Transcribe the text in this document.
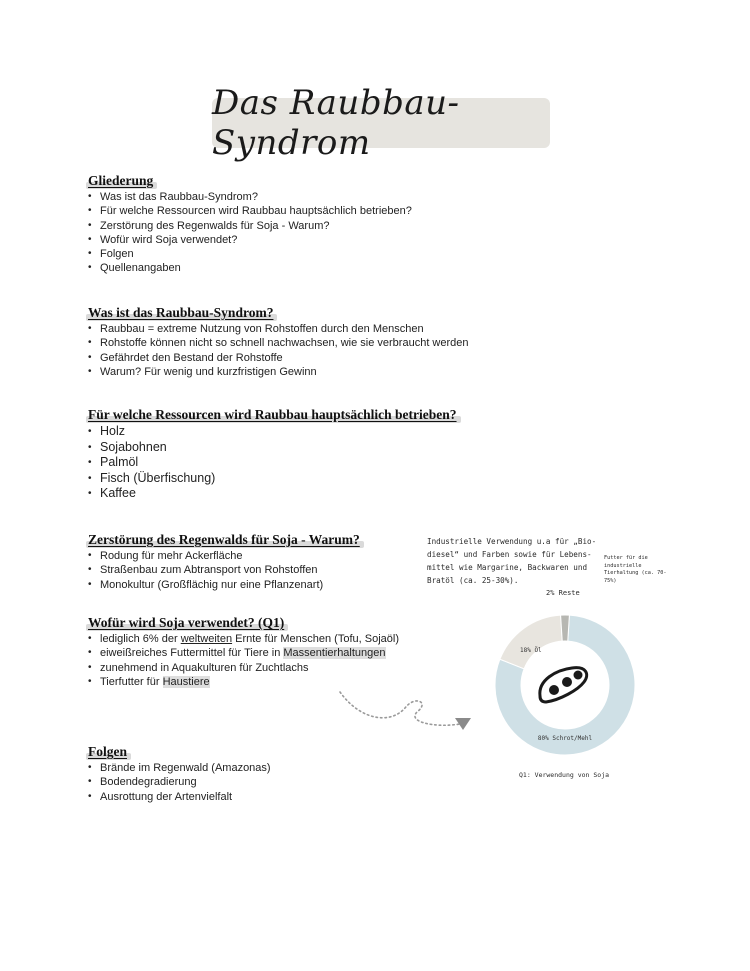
Das Raubbau-Syndrom
Gliederung
• Was ist das Raubbau-Syndrom?
• Für welche Ressourcen wird Raubbau hauptsächlich betrieben?
• Zerstörung des Regenwalds für Soja - Warum?
• Wofür wird Soja verwendet?
• Folgen
• Quellenangaben
Was ist das Raubbau-Syndrom?
• Raubbau = extreme Nutzung von Rohstoffen durch den Menschen
• Rohstoffe können nicht so schnell nachwachsen, wie sie verbraucht werden
• Gefährdet den Bestand der Rohstoffe
• Warum? Für wenig und kurzfristigen Gewinn
Für welche Ressourcen wird Raubbau hauptsächlich betrieben?
• Holz
• Sojabohnen
• Palmöl
• Fisch (Überfischung)
• Kaffee
Zerstörung des Regenwalds für Soja - Warum?
• Rodung für mehr Ackerfläche
• Straßenbau zum Abtransport von Rohstoffen
• Monokultur (Großflächig nur eine Pflanzenart)
Wofür wird Soja verwendet? (Q1)
• lediglich 6% der weltweiten Ernte für Menschen (Tofu, Sojaöl)
• eiweißreiches Futtermittel für Tiere in Massentierhaltungen
• zunehmend in Aquakulturen für Zuchtlachs
• Tierfutter für Haustiere
Folgen
• Brände im Regenwald (Amazonas)
• Bodendegradierung
• Ausrottung der Artenvielfalt
Industrielle Verwendung u.a für „Bio-diesel“ und Farben sowie für Lebens-mittel wie Margarine, Backwaren und Bratöl (ca. 25-30%).
Futter für die industrielle Tierhaltung (ca. 70-75%)
2% Reste
80% Schrot/Mehl
18% Öl
Q1: Verwendung von Soja
